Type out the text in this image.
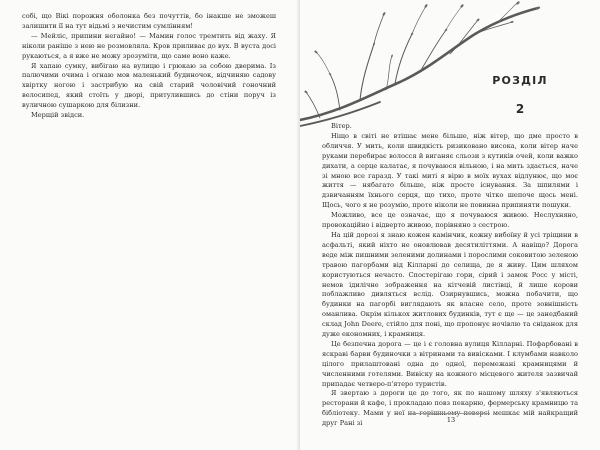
собі, що Вікі порожня оболонка без почуттів, бо інакше не зможеш залишити її на тут відьмі з нечистим сумлінням!

— Мейліс, припини негайно! — Мамин голос тремтить від жаху. Я ніколи раніше з нею не розмовляла. Кров приливає до вух. В вуста досі рукаються, а я вже не можу зрозуміти, що саме воно каже.

Я хапаю сумку, вибігаю на вулицю і грюкаю за собою дверима. Із палючими очима і огнаю мов маленький будиночок, відчиняю садову хвіртку ногою і застрибую на свій старий чоловічий гоночний велосипед, який стоїть у дворі, притулившись до стіни поруч із вуличною сушаркою для білизни.

Мерщій звідси.

РОЗДІЛ
2

Вітер.

Ніщо в світі не втішає мене більше, ніж вітер, що дме просто в обличчя. У мить, коли швидкість ризиковано висока, коли вітер наче руками перебирає волосся й виганяє сльози з кутиків очей, коли важко дихати, а серце калатає, я почуваюся вільною, і на мить здається, наче зі мною все гаразд. У такі миті я вірю в моїх вухах відлунює, що моє життя — нябагато більше, ніж просте існування. За шпилями і дзвичанням їхнього серця, що тихо, проте чітко шепоче щось мені. Щось, чого я не розумію, проте ніколи не повинна припиняти пошуки.

Можливо, все це означає, що я почуваюся живою. Неслухняно, провокаційно і відверто живою, порівняно з сестрою.

На цій дорозі я знаю кожен камінчик, кожну вибоїну й усі тріщини в асфальті, який ніхто не оновлював десятиліттями. А навіщо? Дорога веде між пишними зеленими долинами і порослими соковитою зеленою травою пагорбами від Кілларні до селища, де я живу. Цим шляхом користуються нечасто. Спостерігаю гори, сірий і замок Росс у місті, немов ідилічне зображення на кітчевій листівці, й лише корови поблажливо дивляться вслід. Озирнувшись, можна побачити, що будинки на пагорбі виглядають як власне село, проте зовнішність оманлива. Окрім кількох житлових будинків, тут є ще — це занедбаний склад John Deere, стійло для поні, що пропонує ночівлю та сніданок для дуже економних, і крамниця.

Це безпечна дорога — це і є головна вулиця Кілларні. Пофарбовані в яскраві барви будиночки з вітринами та вивісками. І клумбами навколо цілого прилаштовані одна до одної, перемежані крамницями й численними готелями. Вивіску на кожного місцевого жителя зазвичай припадає четверо-п'ятеро туристів.

Я звертаю з дороги це до того, як по нашому шляху з'являються ресторани й кафе, і прокладаю повз пекарню, фермерську крамницю та бібліотеку. Мами у неї на горішньому поверсі мешкає мій найкращий друг Рані зі	13
